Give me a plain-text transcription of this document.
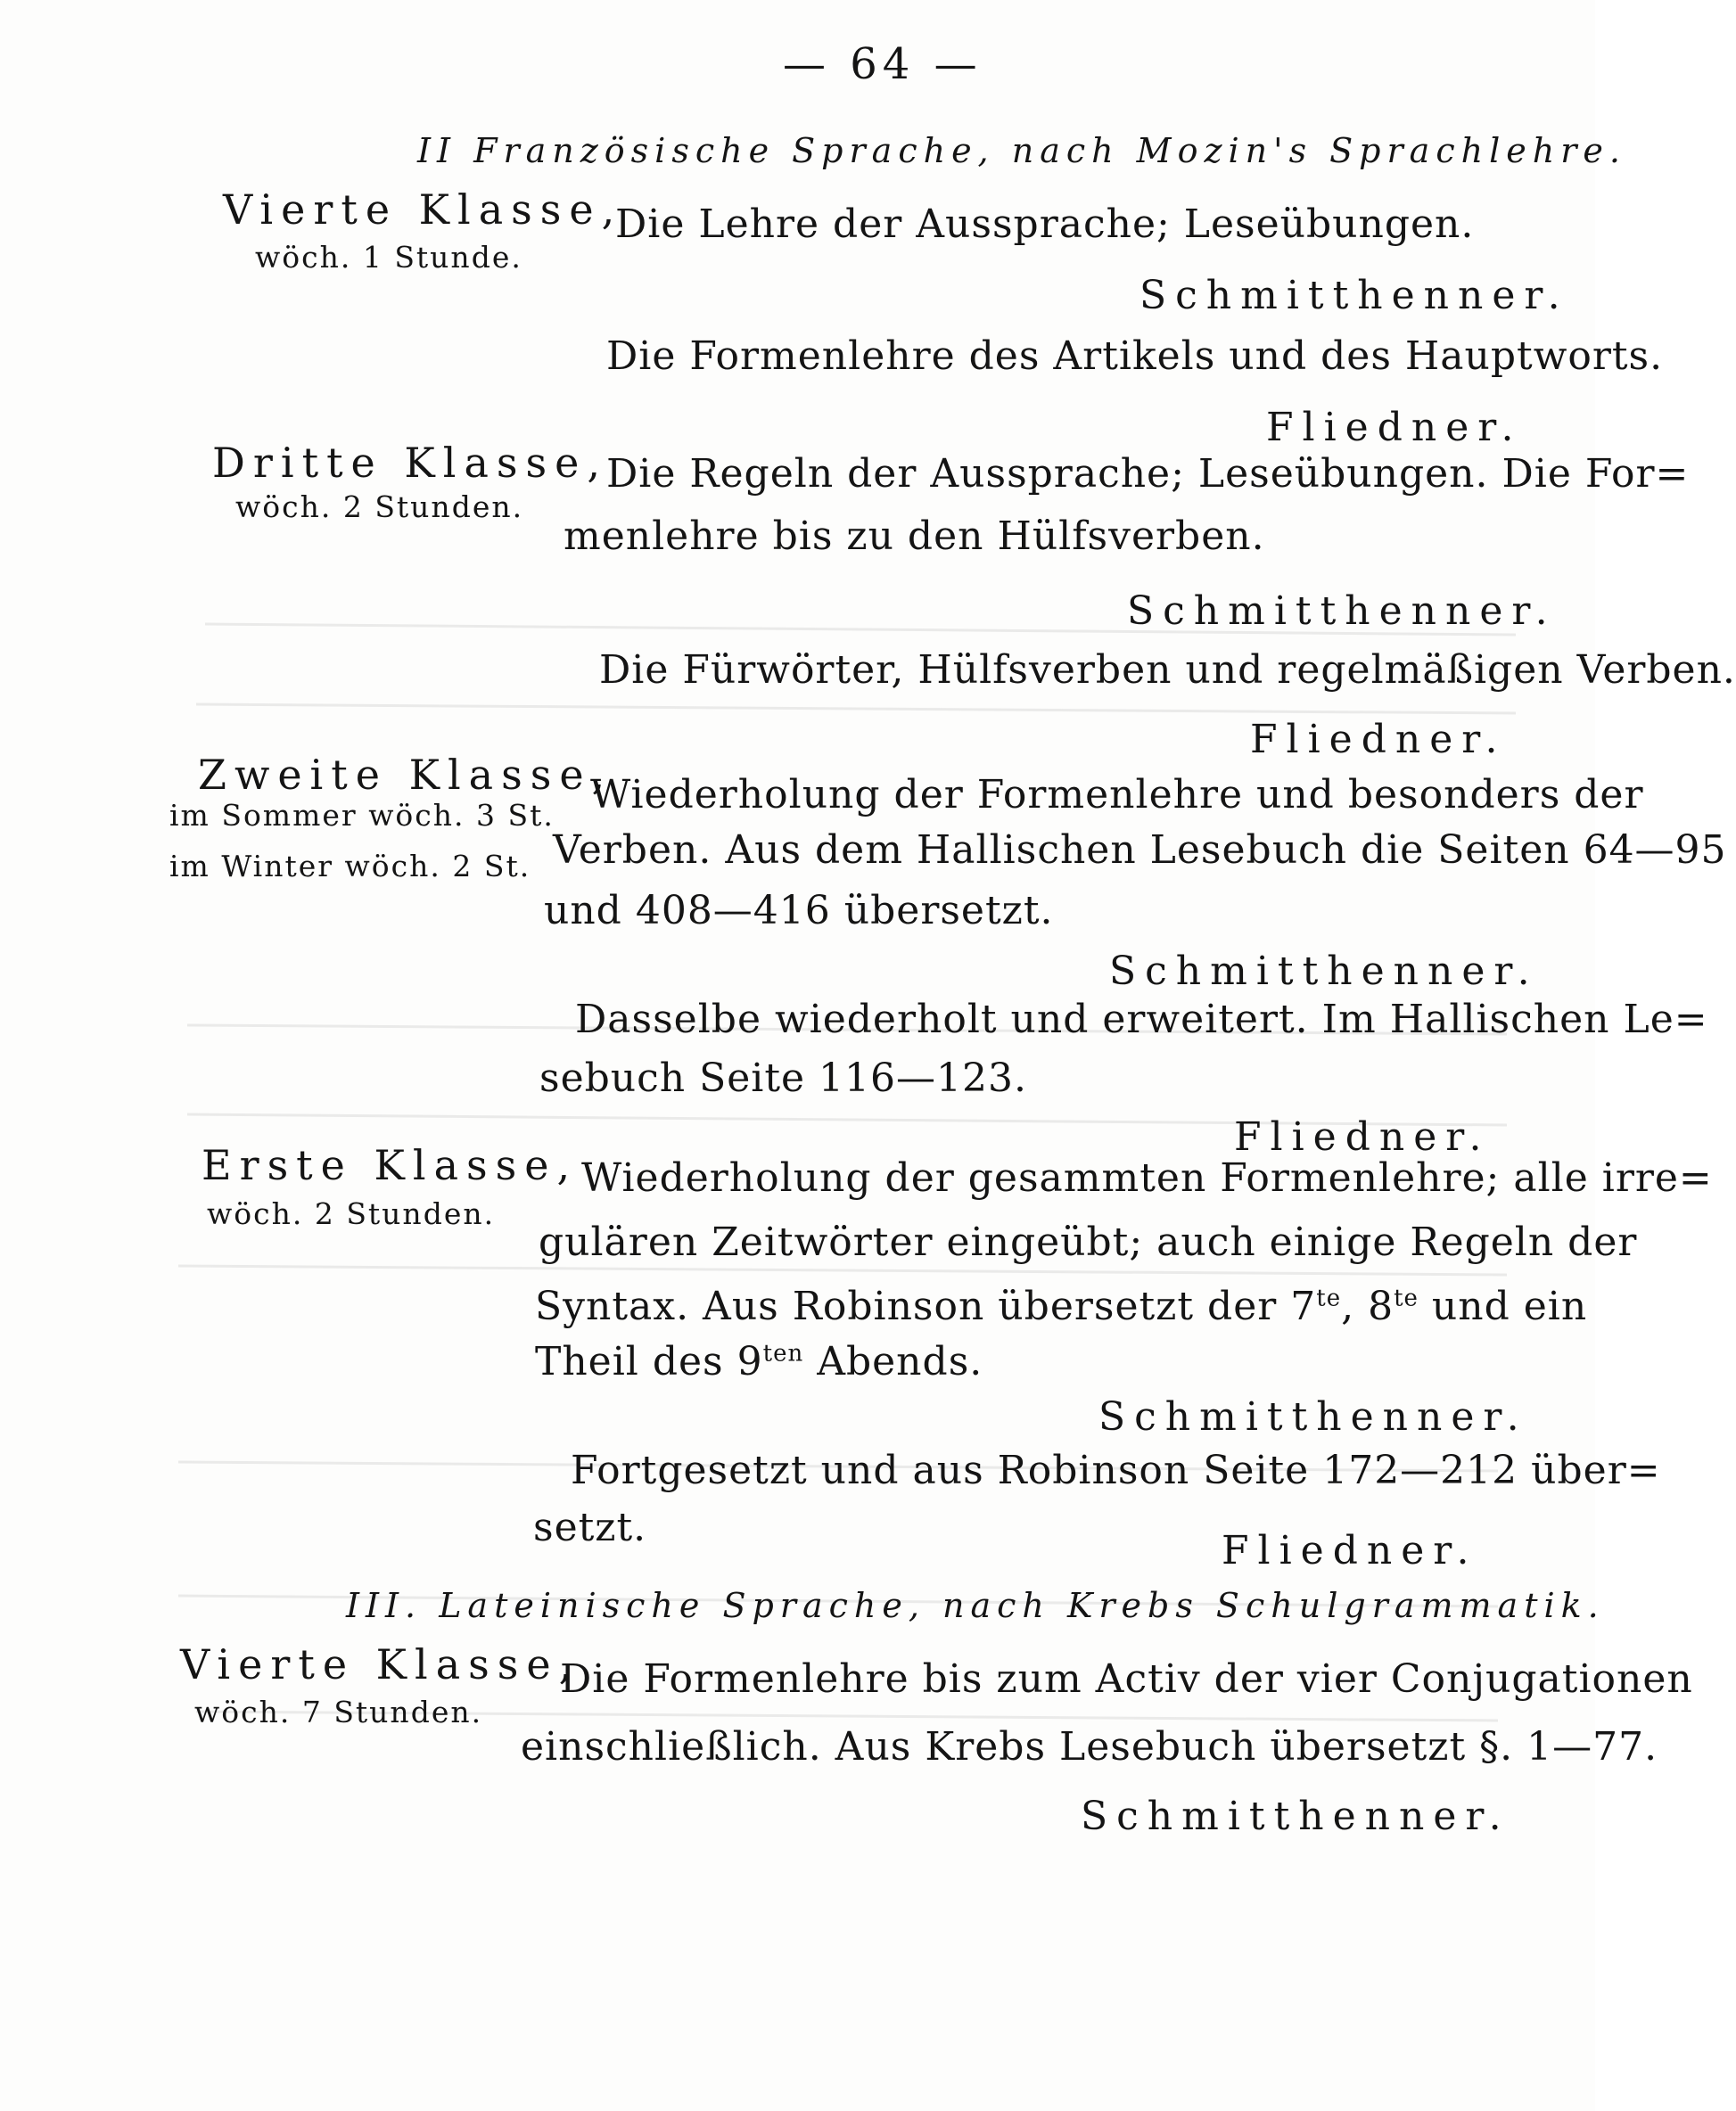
— 64 —
II Französische Sprache, nach Mozin's Sprachlehre.
Vierte Klasse,
wöch. 1 Stunde.
Die Lehre der Aussprache; Leseübungen.
Schmitthenner.
Die Formenlehre des Artikels und des Hauptworts.
Fliedner.
Dritte Klasse,
wöch. 2 Stunden.
Die Regeln der Aussprache; Leseübungen. Die For=
menlehre bis zu den Hülfsverben.
Schmitthenner.
Die Fürwörter, Hülfsverben und regelmäßigen Verben.
Fliedner.
Zweite Klasse,
im Sommer wöch. 3 St.
im Winter wöch. 2 St.
Wiederholung der Formenlehre und besonders der
Verben. Aus dem Hallischen Lesebuch die Seiten 64—95
und 408—416 übersetzt.
Schmitthenner.
Dasselbe wiederholt und erweitert. Im Hallischen Le=
sebuch Seite 116—123.
Fliedner.
Erste Klasse,
wöch. 2 Stunden.
Wiederholung der gesammten Formenlehre; alle irre=
gulären Zeitwörter eingeübt; auch einige Regeln der
Syntax. Aus Robinson übersetzt der $7^{te}$, $8^{te}$ und ein
Theil des $9^{ten}$ Abends.
Schmitthenner.
Fortgesetzt und aus Robinson Seite 172—212 über=
setzt.
Fliedner.
III. Lateinische Sprache, nach Krebs Schulgrammatik.
Vierte Klasse,
wöch. 7 Stunden.
Die Formenlehre bis zum Activ der vier Conjugationen
einschließlich. Aus Krebs Lesebuch übersetzt §. 1—77.
Schmitthenner.
